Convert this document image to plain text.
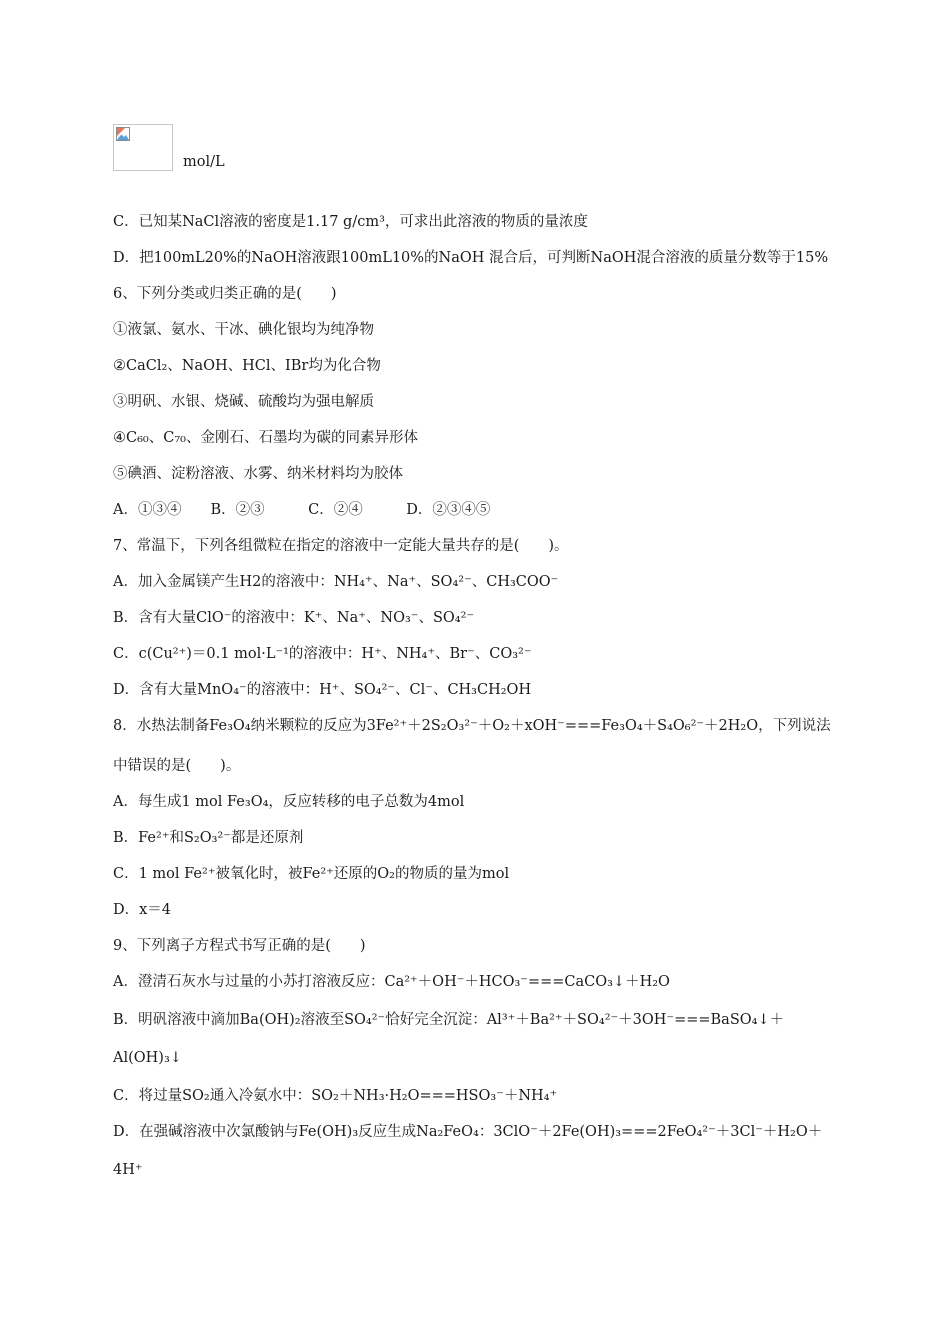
mol/L
C．已知某NaCl溶液的密度是1.17 g/cm³，可求出此溶液的物质的量浓度
D．把100mL20%的NaOH溶液跟100mL10%的NaOH 混合后，可判断NaOH混合溶液的质量分数等于15%
6、下列分类或归类正确的是(　　)
①液氯、氨水、干冰、碘化银均为纯净物
②CaCl₂、NaOH、HCl、IBr均为化合物
③明矾、水银、烧碱、硫酸均为强电解质
④C₆₀、C₇₀、金刚石、石墨均为碳的同素异形体
⑤碘酒、淀粉溶液、水雾、纳米材料均为胶体
A．①③④　　B．②③　　　C．②④　　　D．②③④⑤
7、常温下，下列各组微粒在指定的溶液中一定能大量共存的是(　　)。
A．加入金属镁产生H2的溶液中：NH₄⁺、Na⁺、SO₄²⁻、CH₃COO⁻
B．含有大量ClO⁻的溶液中：K⁺、Na⁺、NO₃⁻、SO₄²⁻
C．c(Cu²⁺)＝0.1 mol·L⁻¹的溶液中：H⁺、NH₄⁺、Br⁻、CO₃²⁻
D．含有大量MnO₄⁻的溶液中：H⁺、SO₄²⁻、Cl⁻、CH₃CH₂OH
8．水热法制备Fe₃O₄纳米颗粒的反应为3Fe²⁺＋2S₂O₃²⁻＋O₂＋xOH⁻===Fe₃O₄＋S₄O₆²⁻＋2H₂O，下列说法
中错误的是(　　)。
A．每生成1 mol Fe₃O₄，反应转移的电子总数为4mol
B．Fe²⁺和S₂O₃²⁻都是还原剂
C．1 mol Fe²⁺被氧化时，被Fe²⁺还原的O₂的物质的量为mol
D．x＝4
9、下列离子方程式书写正确的是(　　)
A．澄清石灰水与过量的小苏打溶液反应：Ca²⁺＋OH⁻＋HCO₃⁻===CaCO₃↓＋H₂O
B．明矾溶液中滴加Ba(OH)₂溶液至SO₄²⁻恰好完全沉淀：Al³⁺＋Ba²⁺＋SO₄²⁻＋3OH⁻===BaSO₄↓＋
Al(OH)₃↓
C．将过量SO₂通入冷氨水中：SO₂＋NH₃·H₂O===HSO₃⁻＋NH₄⁺
D．在强碱溶液中次氯酸钠与Fe(OH)₃反应生成Na₂FeO₄：3ClO⁻＋2Fe(OH)₃===2FeO₄²⁻＋3Cl⁻＋H₂O＋
4H⁺
